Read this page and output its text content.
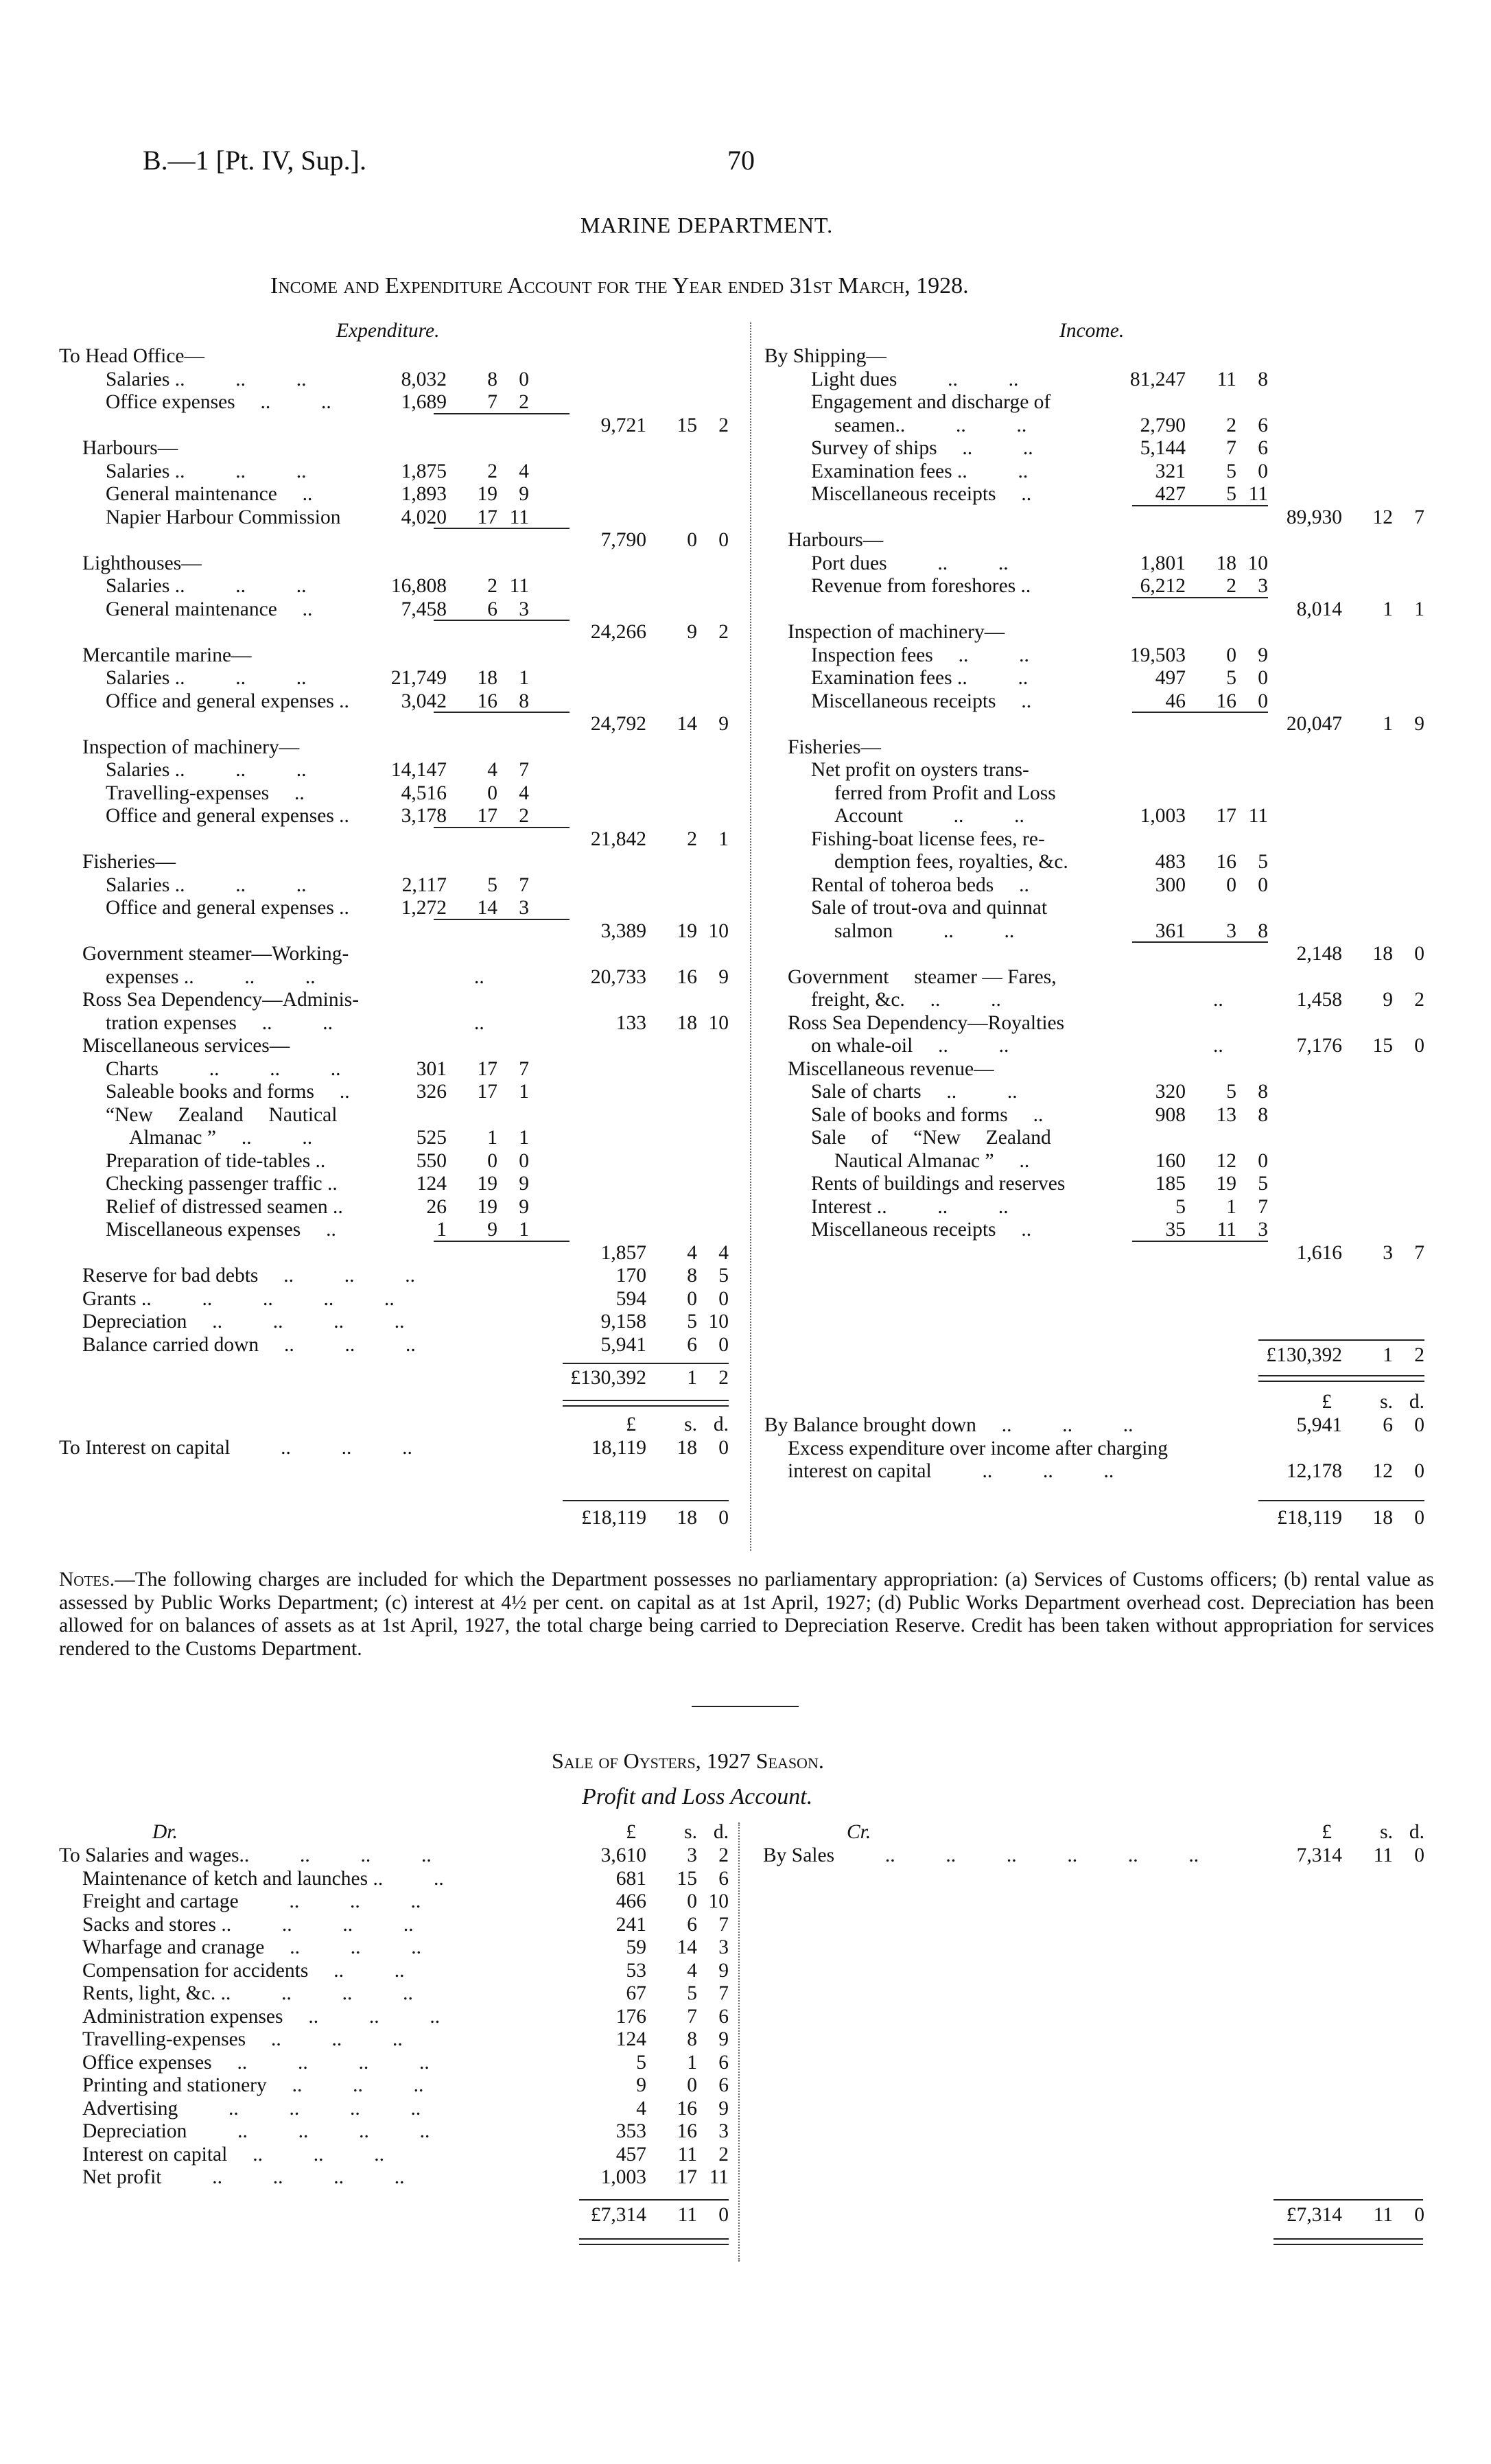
B.—1 [Pt. IV, Sup.].	70
MARINE DEPARTMENT.
Income and Expenditure Account for the Year ended 31st March, 1928.
Expenditure.	Income.
To Head Office—
Salaries ..          ..          ..	8,032	8	0
Office expenses     ..          ..	1,689	7	2
9,721	15	2
Harbours—
Salaries ..          ..          ..	1,875	2	4
General maintenance     ..	1,893	19	9
Napier Harbour Commission	4,020	17 11
7,790	0	0
Lighthouses—
Salaries ..          ..          ..	16,808	2 11
General maintenance     ..	7,458	6	3
24,266	9	2
Mercantile marine—
Salaries ..          ..          ..	21,749	18	1
Office and general expenses ..	3,042	16	8
24,792	14	9
Inspection of machinery—
Salaries ..          ..          ..	14,147	4	7
Travelling-expenses     ..	4,516	0	4
Office and general expenses ..	3,178	17	2
21,842	2	1
Fisheries—
Salaries ..          ..          ..	2,117	5	7
Office and general expenses ..	1,272	14	3
3,389	19 10
Government steamer—Working-
expenses ..          ..          ..	20,733	16	9
..
Ross Sea Dependency—Adminis-
tration expenses     ..          ..	133	18 10
..
Miscellaneous services—
Charts          ..          ..          ..	301	17	7
Saleable books and forms     ..	326	17	1
“New     Zealand     Nautical
Almanac ”     ..          ..	525	1	1
Preparation of tide-tables ..	550	0	0
Checking passenger traffic ..	124	19	9
Relief of distressed seamen ..	26	19	9
Miscellaneous expenses     ..	1	9	1
1,857	4	4
Reserve for bad debts     ..          ..          ..	170	8	5
Grants ..          ..          ..          ..          ..	594	0	0
Depreciation     ..          ..          ..          ..	9,158	5 10
Balance carried down     ..          ..          ..	5,941	6	0
By Shipping—
Light dues          ..          ..	81,247	11	8
Engagement and discharge of
seamen..          ..          ..	2,790	2	6
Survey of ships     ..          ..	5,144	7	6
Examination fees ..          ..	321	5	0
Miscellaneous receipts     ..	427	5 11
89,930	12	7
Harbours—
Port dues          ..          ..	1,801	18 10
Revenue from foreshores ..	6,212	2	3
8,014	1	1
Inspection of machinery—
Inspection fees     ..          ..	19,503	0	9
Examination fees ..          ..	497	5	0
Miscellaneous receipts     ..	46	16	0
20,047	1	9
Fisheries—
Net profit on oysters trans-
ferred from Profit and Loss
Account          ..          ..	1,003	17 11
Fishing-boat license fees, re-
demption fees, royalties, &c.	483	16	5
Rental of toheroa beds     ..	300	0	0
Sale of trout-ova and quinnat
salmon          ..          ..	361	3	8
2,148	18	0
Government     steamer — Fares,
freight, &c.     ..          ..	1,458	9	2
..
Ross Sea Dependency—Royalties
on whale-oil     ..          ..	7,176	15	0
..
Miscellaneous revenue—
Sale of charts     ..          ..	320	5	8
Sale of books and forms     ..	908	13	8
Sale     of     “New     Zealand
Nautical Almanac ”     ..	160	12	0
Rents of buildings and reserves	185	19	5
Interest ..          ..          ..	5	1	7
Miscellaneous receipts     ..	35	11	3
1,616	3	7
£130,392 1 2
£130,392 1 2
£ s. d.
£ s. d.
To Interest on capital          ..          ..          ..	18,119 18 0
By Balance brought down     ..          ..          ..	5,941	6	0
Excess expenditure over income after charging
interest on capital          ..          ..          ..	12,178	12	0
£18,119 18 0	£18,119 18 0
Notes.—The following charges are included for which the Department possesses no parliamentary appropriation: (a) Services of Customs officers; (b) rental value as assessed by Public Works Department; (c) interest at 4½ per cent. on capital as at 1st April, 1927; (d) Public Works Department overhead cost. Depreciation has been allowed for on balances of assets as at 1st April, 1927, the total charge being carried to Depreciation Reserve. Credit has been taken without appropriation for services rendered to the Customs Department.
Sale of Oysters, 1927 Season.
Profit and Loss Account.
Dr.	Cr.
£ s. d.	£ s. d.
To Salaries and wages..          ..          ..          ..	3,610	3	2
Maintenance of ketch and launches ..          ..	681	15	6
Freight and cartage          ..          ..          ..	466	0 10
Sacks and stores ..          ..          ..          ..	241	6	7
Wharfage and cranage     ..          ..          ..	59	14	3
Compensation for accidents     ..          ..	53	4	9
Rents, light, &c. ..          ..          ..          ..	67	5	7
Administration expenses     ..          ..          ..	176	7	6
Travelling-expenses     ..          ..          ..	124	8	9
Office expenses     ..          ..          ..          ..	5	1	6
Printing and stationery     ..          ..          ..	9	0	6
Advertising          ..          ..          ..          ..	4	16	9
Depreciation          ..          ..          ..          ..	353	16	3
Interest on capital     ..          ..          ..	457	11	2
Net profit          ..          ..          ..          ..	1,003	17 11
By Sales          ..          ..          ..          ..          ..          ..	7,314	11	0
£7,314 11 0	£7,314 11 0
